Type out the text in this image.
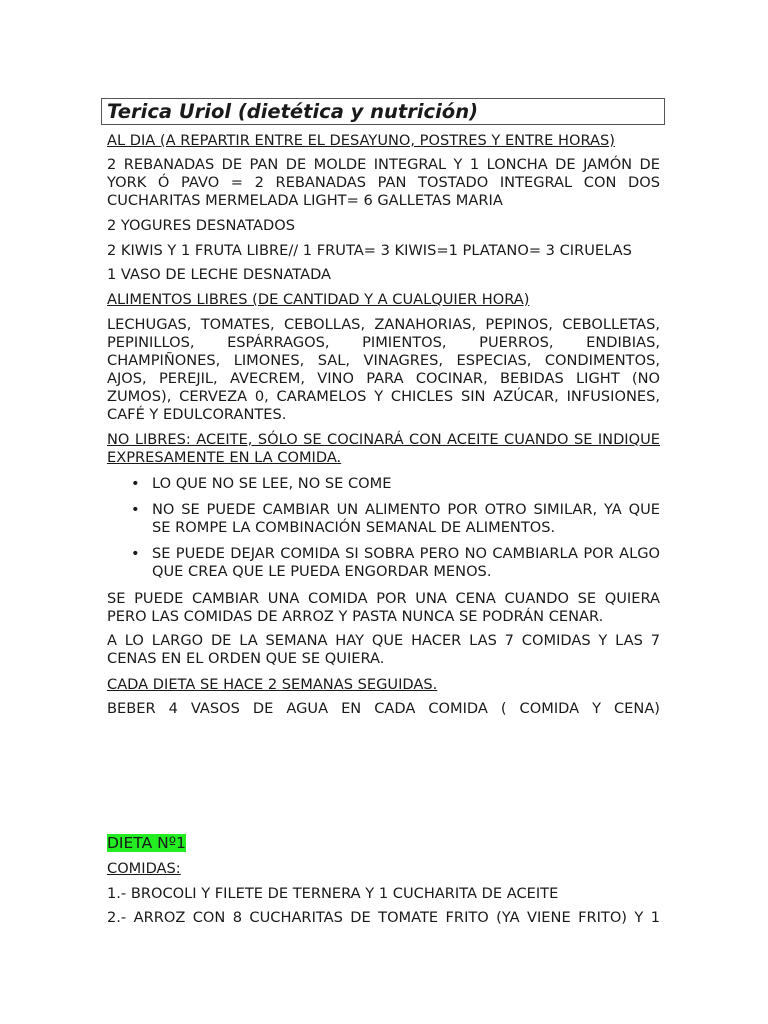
Terica Uriol (dietética y nutrición)

AL DIA (A REPARTIR ENTRE EL DESAYUNO, POSTRES Y ENTRE HORAS)

2 REBANADAS DE PAN DE MOLDE INTEGRAL Y 1 LONCHA DE JAMÓN DE YORK Ó PAVO = 2 REBANADAS PAN TOSTADO INTEGRAL CON DOS CUCHARITAS MERMELADA LIGHT= 6 GALLETAS MARIA

2 YOGURES DESNATADOS

2 KIWIS Y 1 FRUTA LIBRE// 1 FRUTA= 3 KIWIS=1 PLATANO= 3 CIRUELAS

1 VASO DE LECHE DESNATADA

ALIMENTOS LIBRES (DE CANTIDAD Y A CUALQUIER HORA)

LECHUGAS, TOMATES, CEBOLLAS, ZANAHORIAS, PEPINOS, CEBOLLETAS, PEPINILLOS, ESPÁRRAGOS, PIMIENTOS, PUERROS, ENDIBIAS, CHAMPIÑONES, LIMONES, SAL, VINAGRES, ESPECIAS, CONDIMENTOS, AJOS, PEREJIL, AVECREM, VINO PARA COCINAR, BEBIDAS LIGHT (NO ZUMOS), CERVEZA 0, CARAMELOS Y CHICLES SIN AZÚCAR, INFUSIONES, CAFÉ Y EDULCORANTES.

NO LIBRES: ACEITE, SÓLO SE COCINARÁ CON ACEITE CUANDO SE INDIQUE EXPRESAMENTE EN LA COMIDA.

• LO QUE NO SE LEE, NO SE COME
• NO SE PUEDE CAMBIAR UN ALIMENTO POR OTRO SIMILAR, YA QUE SE ROMPE LA COMBINACIÓN SEMANAL DE ALIMENTOS.
• SE PUEDE DEJAR COMIDA SI SOBRA PERO NO CAMBIARLA POR ALGO QUE CREA QUE LE PUEDA ENGORDAR MENOS.

SE PUEDE CAMBIAR UNA COMIDA POR UNA CENA CUANDO SE QUIERA PERO LAS COMIDAS DE ARROZ Y PASTA NUNCA SE PODRÁN CENAR.

A LO LARGO DE LA SEMANA HAY QUE HACER LAS 7 COMIDAS Y LAS 7 CENAS EN EL ORDEN QUE SE QUIERA.

CADA DIETA SE HACE 2 SEMANAS SEGUIDAS.

BEBER 4 VASOS DE AGUA EN CADA COMIDA ( COMIDA Y CENA)

DIETA Nº1

COMIDAS:

1.- BROCOLI Y FILETE DE TERNERA Y 1 CUCHARITA DE ACEITE

2.- ARROZ CON 8 CUCHARITAS DE TOMATE FRITO (YA VIENE FRITO) Y 1
